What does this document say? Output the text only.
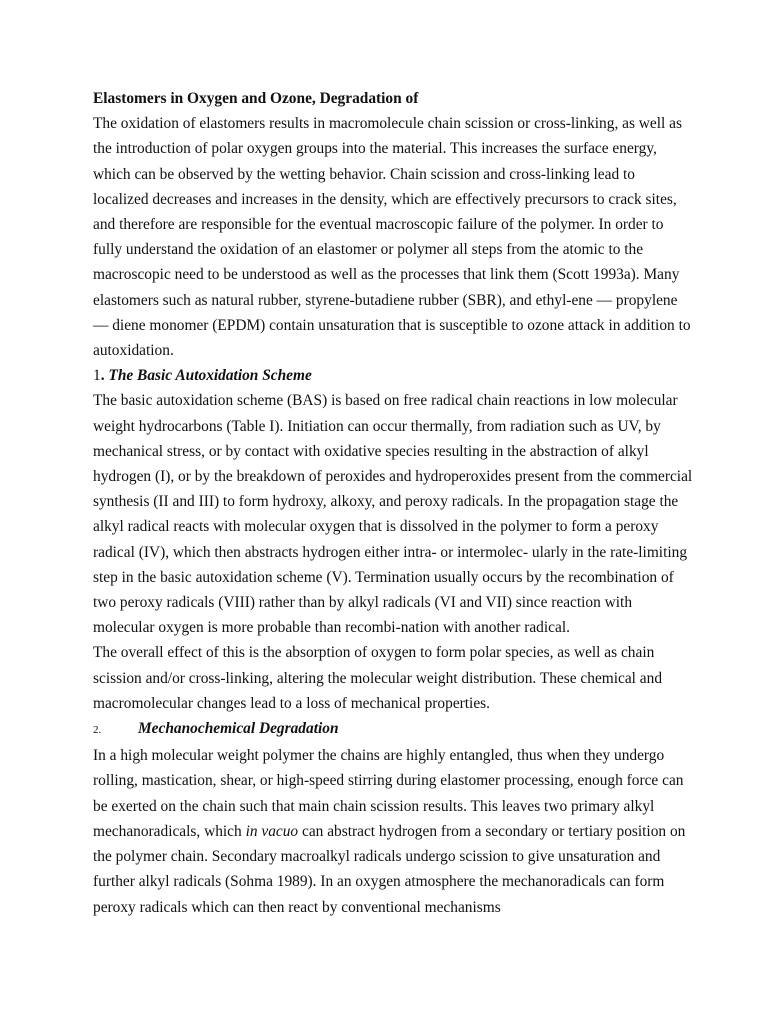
Elastomers in Oxygen and Ozone, Degradation of

The oxidation of elastomers results in macromolecule chain scission or cross-linking, as well as the introduction of polar oxygen groups into the material. This increases the surface energy, which can be observed by the wetting behavior. Chain scission and cross-linking lead to localized decreases and increases in the density, which are effectively precursors to crack sites, and therefore are responsible for the eventual macroscopic failure of the polymer. In order to fully understand the oxidation of an elastomer or polymer all steps from the atomic to the macroscopic need to be understood as well as the processes that link them (Scott 1993a). Many elastomers such as natural rubber, styrene-butadiene rubber (SBR), and ethyl-ene — propylene — diene monomer (EPDM) contain unsaturation that is susceptible to ozone attack in addition to autoxidation.

1. The Basic Autoxidation Scheme

The basic autoxidation scheme (BAS) is based on free radical chain reactions in low molecular weight hydrocarbons (Table I). Initiation can occur thermally, from radiation such as UV, by mechanical stress, or by contact with oxidative species resulting in the abstraction of alkyl hydrogen (I), or by the breakdown of peroxides and hydroperoxides present from the commercial synthesis (II and III) to form hydroxy, alkoxy, and peroxy radicals. In the propagation stage the alkyl radical reacts with molecular oxygen that is dissolved in the polymer to form a peroxy radical (IV), which then abstracts hydrogen either intra- or intermolec- ularly in the rate-limiting step in the basic autoxidation scheme (V). Termination usually occurs by the recombination of two peroxy radicals (VIII) rather than by alkyl radicals (VI and VII) since reaction with molecular oxygen is more probable than recombi-nation with another radical.

The overall effect of this is the absorption of oxygen to form polar species, as well as chain scission and/or cross-linking, altering the molecular weight distribution. These chemical and macromolecular changes lead to a loss of mechanical properties.

2.	Mechanochemical Degradation

In a high molecular weight polymer the chains are highly entangled, thus when they undergo rolling, mastication, shear, or high-speed stirring during elastomer processing, enough force can be exerted on the chain such that main chain scission results. This leaves two primary alkyl mechanoradicals, which in vacuo can abstract hydrogen from a secondary or tertiary position on the polymer chain. Secondary macroalkyl radicals undergo scission to give unsaturation and further alkyl radicals (Sohma 1989). In an oxygen atmosphere the mechanoradicals can form peroxy radicals which can then react by conventional mechanisms
